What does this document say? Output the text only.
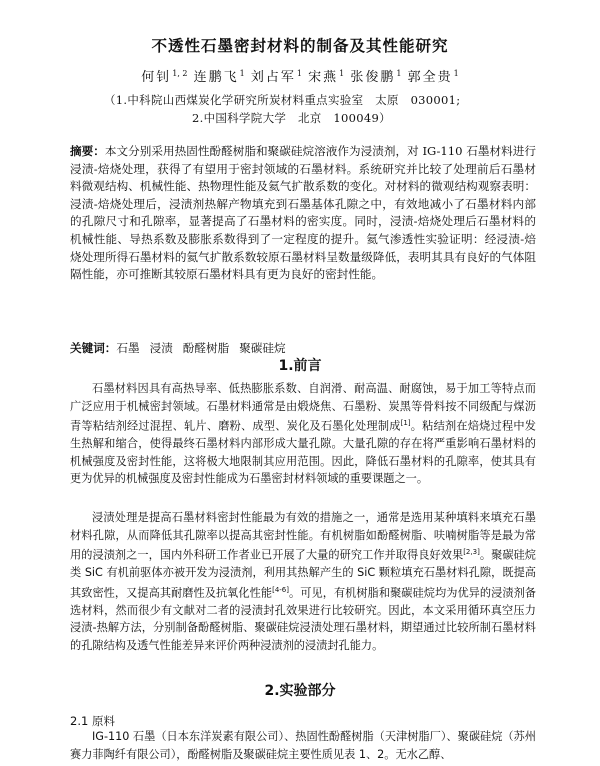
不透性石墨密封材料的制备及其性能研究
何钊$^{1, 2}$ 连鹏飞$^1$ 刘占军$^1$ 宋燕$^1$ 张俊鹏$^1$ 郭全贵$^1$
（1.中科院山西煤炭化学研究所炭材料重点实验室　太原　030001;
2.中国科学院大学　北京　100049）
摘要：本文分别采用热固性酚醛树脂和聚碳硅烷溶液作为浸渍剂，对 IG-110 石墨材料进行浸渍-焙烧处理，获得了有望用于密封领域的石墨材料。系统研究并比较了处理前后石墨材料微观结构、机械性能、热物理性能及氦气扩散系数的变化。对材料的微观结构观察表明：浸渍-焙烧处理后，浸渍剂热解产物填充到石墨基体孔隙之中，有效地减小了石墨材料内部的孔隙尺寸和孔隙率，显著提高了石墨材料的密实度。同时，浸渍-焙烧处理后石墨材料的机械性能、导热系数及膨胀系数得到了一定程度的提升。氦气渗透性实验证明：经浸渍-焙烧处理所得石墨材料的氦气扩散系数较原石墨材料呈数量级降低，表明其具有良好的气体阻隔性能，亦可推断其较原石墨材料具有更为良好的密封性能。
关键词：石墨 浸渍 酚醛树脂 聚碳硅烷
1.前言
石墨材料因具有高热导率、低热膨胀系数、自润滑、耐高温、耐腐蚀，易于加工等特点而广泛应用于机械密封领域。石墨材料通常是由煅烧焦、石墨粉、炭黑等骨料按不同级配与煤沥青等粘结剂经过混捏、轧片、磨粉、成型、炭化及石墨化处理制成[1]。粘结剂在焙烧过程中发生热解和缩合，使得最终石墨材料内部形成大量孔隙。大量孔隙的存在将严重影响石墨材料的机械强度及密封性能，这将极大地限制其应用范围。因此，降低石墨材料的孔隙率，使其具有更为优异的机械强度及密封性能成为石墨密封材料领域的重要课题之一。
浸渍处理是提高石墨材料密封性能最为有效的措施之一，通常是选用某种填料来填充石墨材料孔隙，从而降低其孔隙率以提高其密封性能。有机树脂如酚醛树脂、呋喃树脂等是最为常用的浸渍剂之一，国内外科研工作者业已开展了大量的研究工作并取得良好效果[2,3]。聚碳硅烷类 SiC 有机前驱体亦被开发为浸渍剂，利用其热解产生的 SiC 颗粒填充石墨材料孔隙，既提高其致密性，又提高其耐磨性及抗氧化性能[4-6]。可见，有机树脂和聚碳硅烷均为优异的浸渍剂备选材料，然而很少有文献对二者的浸渍封孔效果进行比较研究。因此，本文采用循环真空压力浸渍-热解方法，分别制备酚醛树脂、聚碳硅烷浸渍处理石墨材料，期望通过比较所制石墨材料的孔隙结构及透气性能差异来评价两种浸渍剂的浸渍封孔能力。
2.实验部分
2.1 原料
IG-110 石墨（日本东洋炭素有限公司）、热固性酚醛树脂（天津树脂厂）、聚碳硅烷（苏州赛力菲陶纤有限公司），酚醛树脂及聚碳硅烷主要性质见表 1、2。无水乙醇、
